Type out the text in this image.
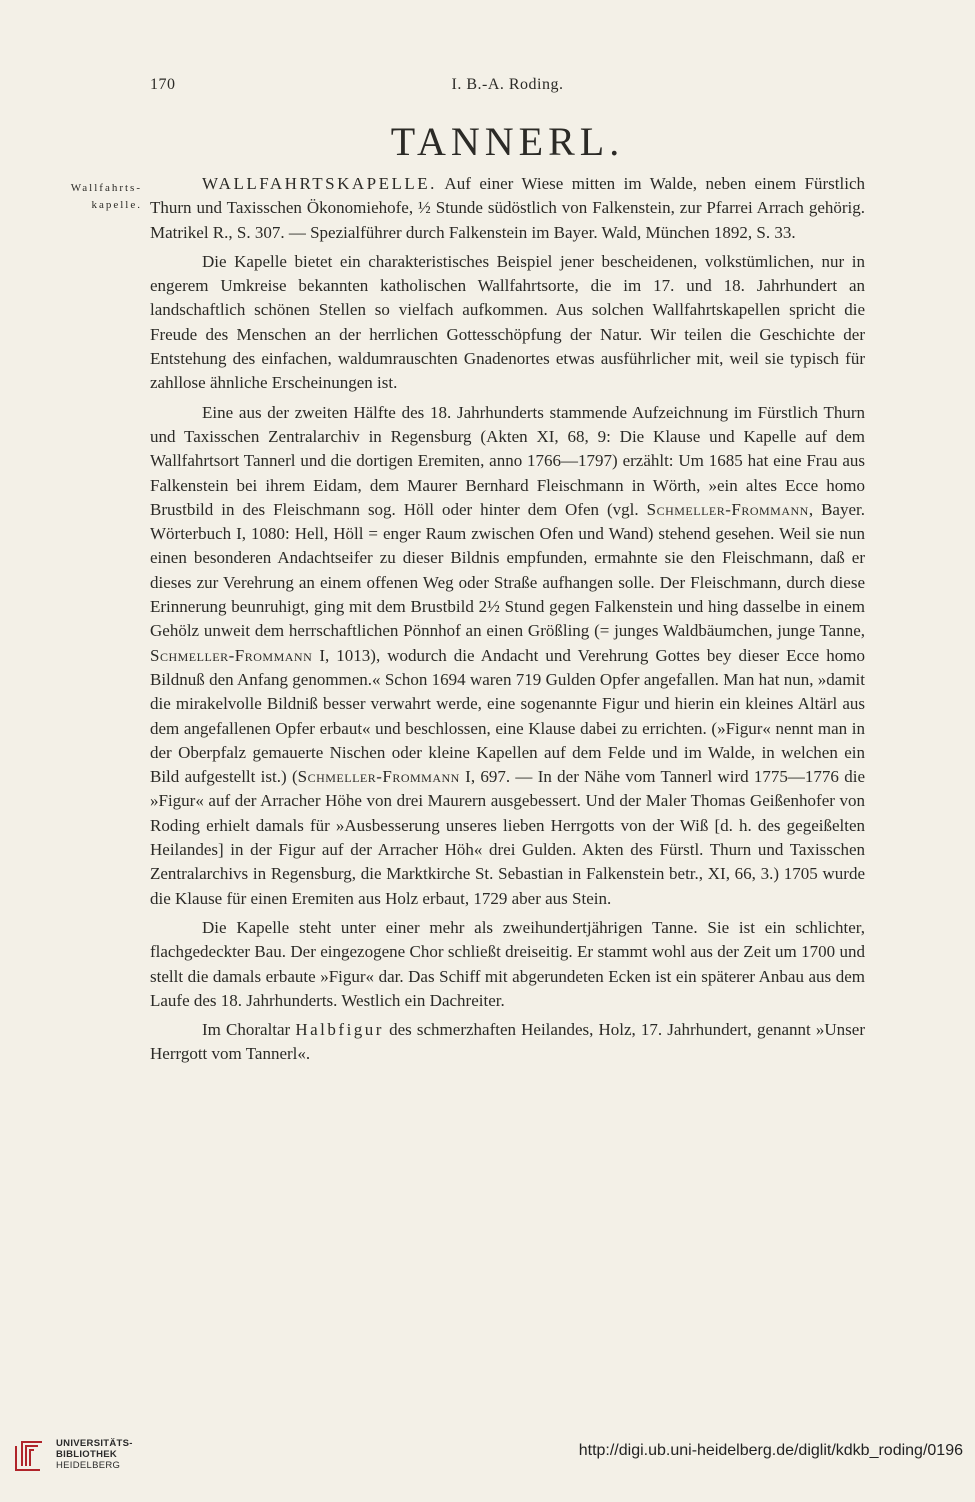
170	I. B.-A. Roding.
TANNERL.
Wallfahrts-kapelle.

WALLFAHRTSKAPELLE. Auf einer Wiese mitten im Walde, neben einem Fürstlich Thurn und Taxisschen Ökonomiehofe, ½ Stunde südöstlich von Falkenstein, zur Pfarrei Arrach gehörig. Matrikel R., S. 307. — Spezialführer durch Falkenstein im Bayer. Wald, München 1892, S. 33.

Die Kapelle bietet ein charakteristisches Beispiel jener bescheidenen, volkstümlichen, nur in engerem Umkreise bekannten katholischen Wallfahrtsorte, die im 17. und 18. Jahrhundert an landschaftlich schönen Stellen so vielfach aufkommen. Aus solchen Wallfahrtskapellen spricht die Freude des Menschen an der herrlichen Gottesschöpfung der Natur. Wir teilen die Geschichte der Entstehung des einfachen, waldumrauschten Gnadenortes etwas ausführlicher mit, weil sie typisch für zahllose ähnliche Erscheinungen ist.

Eine aus der zweiten Hälfte des 18. Jahrhunderts stammende Aufzeichnung im Fürstlich Thurn und Taxisschen Zentralarchiv in Regensburg (Akten XI, 68, 9: Die Klause und Kapelle auf dem Wallfahrtsort Tannerl und die dortigen Eremiten, anno 1766—1797) erzählt: Um 1685 hat eine Frau aus Falkenstein bei ihrem Eidam, dem Maurer Bernhard Fleischmann in Wörth, »ein altes Ecce homo Brustbild in des Fleischmann sog. Höll oder hinter dem Ofen (vgl. Schmeller-Frommann, Bayer. Wörterbuch I, 1080: Hell, Höll = enger Raum zwischen Ofen und Wand) stehend gesehen. Weil sie nun einen besonderen Andachtseifer zu dieser Bildnis empfunden, ermahnte sie den Fleischmann, daß er dieses zur Verehrung an einem offenen Weg oder Straße aufhangen solle. Der Fleischmann, durch diese Erinnerung beunruhigt, ging mit dem Brustbild 2½ Stund gegen Falkenstein und hing dasselbe in einem Gehölz unweit dem herrschaftlichen Pönnhof an einen Größling (= junges Waldbäumchen, junge Tanne, Schmeller-Frommann I, 1013), wodurch die Andacht und Verehrung Gottes bey dieser Ecce homo Bildnuß den Anfang genommen.« Schon 1694 waren 719 Gulden Opfer angefallen. Man hat nun, »damit die mirakelvolle Bildniß besser verwahrt werde, eine sogenannte Figur und hierin ein kleines Altärl aus dem angefallenen Opfer erbaut« und beschlossen, eine Klause dabei zu errichten. (»Figur« nennt man in der Oberpfalz gemauerte Nischen oder kleine Kapellen auf dem Felde und im Walde, in welchen ein Bild aufgestellt ist.) (Schmeller-Frommann I, 697. — In der Nähe vom Tannerl wird 1775—1776 die »Figur« auf der Arracher Höhe von drei Maurern ausgebessert. Und der Maler Thomas Geißenhofer von Roding erhielt damals für »Ausbesserung unseres lieben Herrgotts von der Wiß [d. h. des gegeißelten Heilandes] in der Figur auf der Arracher Höh« drei Gulden. Akten des Fürstl. Thurn und Taxisschen Zentralarchivs in Regensburg, die Marktkirche St. Sebastian in Falkenstein betr., XI, 66, 3.) 1705 wurde die Klause für einen Eremiten aus Holz erbaut, 1729 aber aus Stein.

Die Kapelle steht unter einer mehr als zweihundertjährigen Tanne. Sie ist ein schlichter, flachgedeckter Bau. Der eingezogene Chor schließt dreiseitig. Er stammt wohl aus der Zeit um 1700 und stellt die damals erbaute »Figur« dar. Das Schiff mit abgerundeten Ecken ist ein späterer Anbau aus dem Laufe des 18. Jahrhunderts. Westlich ein Dachreiter.

Im Choraltar Halbfigur des schmerzhaften Heilandes, Holz, 17. Jahrhundert, genannt »Unser Herrgott vom Tannerl«.

UNIVERSITÄTS-
BIBLIOTHEK
HEIDELBERG
http://digi.ub.uni-heidelberg.de/diglit/kdkb_roding/0196
